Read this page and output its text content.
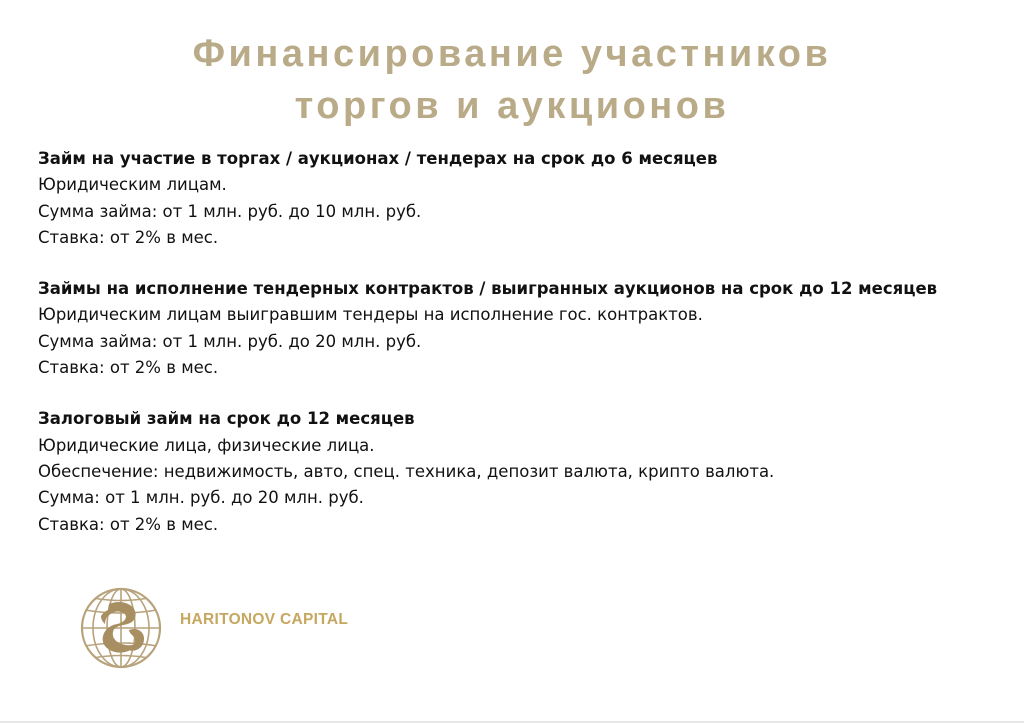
Финансирование участников
торгов и аукционов
Займ на участие в торгах / аукционах / тендерах на срок до 6 месяцев
Юридическим лицам.
Сумма займа: от 1 млн. руб. до 10 млн. руб.
Ставка: от 2% в мес.
Займы на исполнение тендерных контрактов / выигранных аукционов на срок до 12 месяцев
Юридическим лицам выигравшим тендеры на исполнение гос. контрактов.
Сумма займа: от 1 млн. руб. до 20 млн. руб.
Ставка: от 2% в мес.
Залоговый займ на срок до 12 месяцев
Юридические лица, физические лица.
Обеспечение: недвижимость, авто, спец. техника, депозит валюта, крипто валюта.
Сумма: от 1 млн. руб. до 20 млн. руб.
Ставка: от 2% в мес.
HARITONOV CAPITAL
